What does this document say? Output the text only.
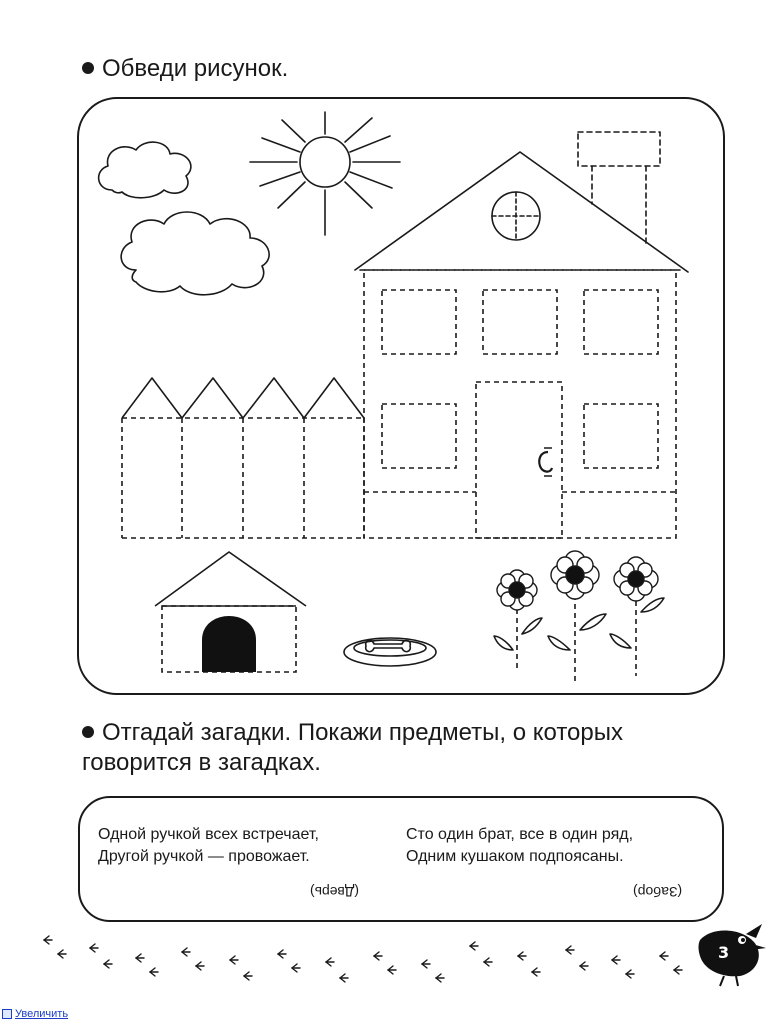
Обведи рисунок.
Отгадай загадки. Покажи предметы, о которых говорится в загадках.
Одной ручкой всех встречает,
Другой ручкой — провожает.
(Дверь)
Сто один брат, все в один ряд,
Одним кушаком подпоясаны.
(Забор)
3
Увеличить
